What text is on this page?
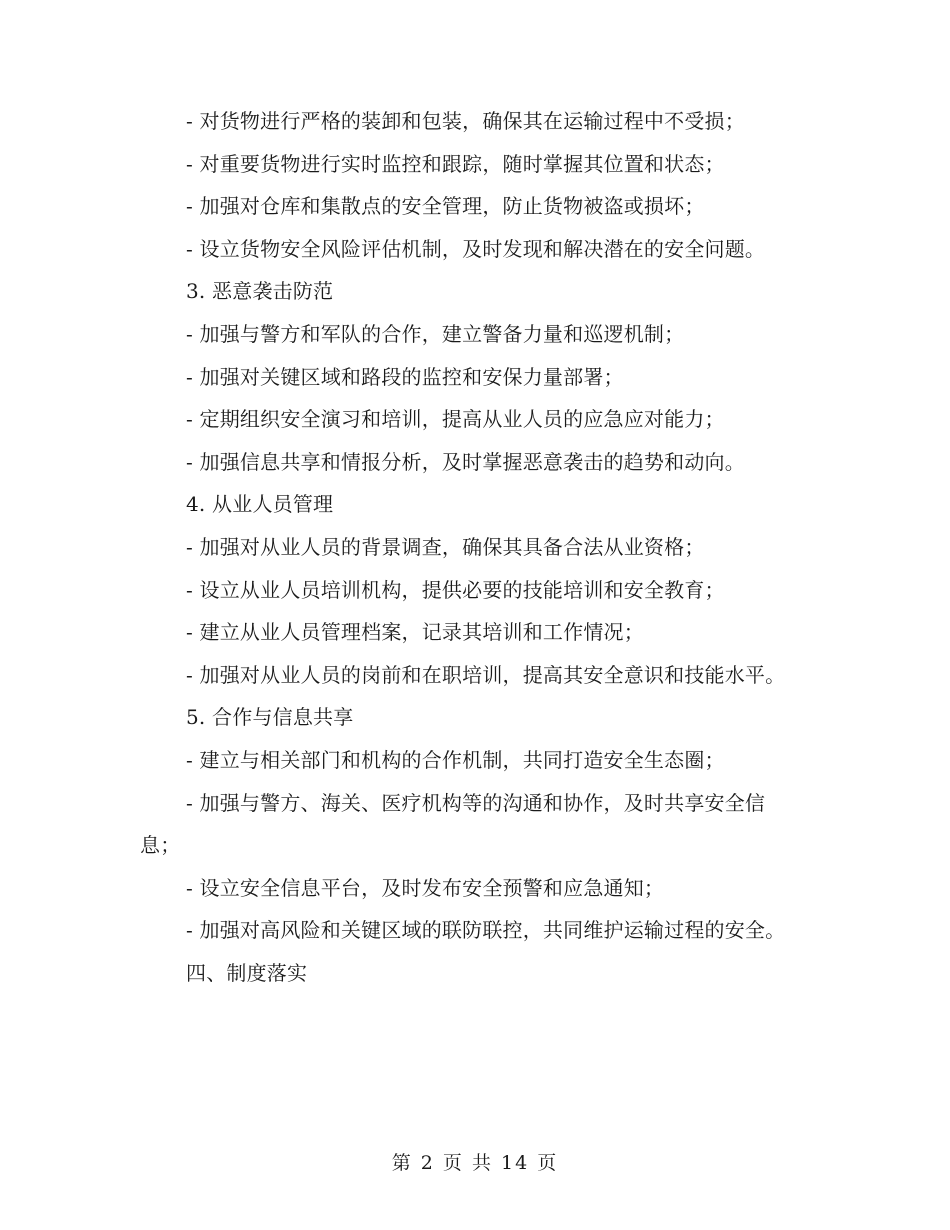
- 对货物进行严格的装卸和包装，确保其在运输过程中不受损；

- 对重要货物进行实时监控和跟踪，随时掌握其位置和状态；

- 加强对仓库和集散点的安全管理，防止货物被盗或损坏；

- 设立货物安全风险评估机制，及时发现和解决潜在的安全问题。

3. 恶意袭击防范

- 加强与警方和军队的合作，建立警备力量和巡逻机制；

- 加强对关键区域和路段的监控和安保力量部署；

- 定期组织安全演习和培训，提高从业人员的应急应对能力；

- 加强信息共享和情报分析，及时掌握恶意袭击的趋势和动向。

4. 从业人员管理

- 加强对从业人员的背景调查，确保其具备合法从业资格；

- 设立从业人员培训机构，提供必要的技能培训和安全教育；

- 建立从业人员管理档案，记录其培训和工作情况；

- 加强对从业人员的岗前和在职培训，提高其安全意识和技能水平。

5. 合作与信息共享

- 建立与相关部门和机构的合作机制，共同打造安全生态圈；

- 加强与警方、海关、医疗机构等的沟通和协作，及时共享安全信息；

- 设立安全信息平台，及时发布安全预警和应急通知；

- 加强对高风险和关键区域的联防联控，共同维护运输过程的安全。

四、制度落实

第 2 页 共 14 页
